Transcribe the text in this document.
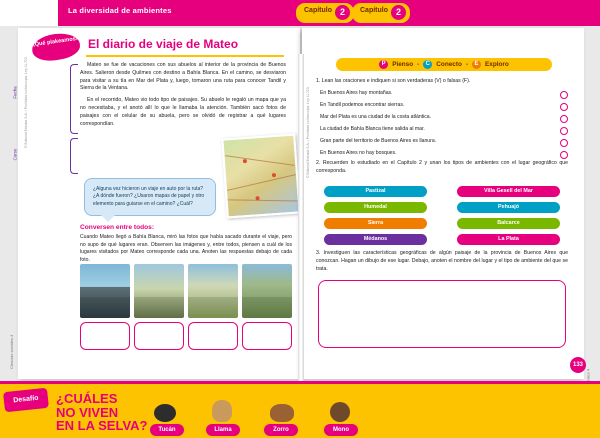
La diversidad de ambientes	Capítulo 2	Capítulo 2
¡Qué plakeamos! El diario de viaje de Mateo
Fecha
Curso

Mateo se fue de vacaciones con sus abuelos al interior de la provincia de Buenos Aires. Salieron desde Quilmes con destino a Bahía Blanca. En el camino, se desviaron para visitar a su tía en Mar del Plata y, luego, tomaron una ruta para conocer Tandil y Sierra de la Ventana.

En el recorrido, Mateo vio todo tipo de paisajes. Su abuelo le regaló un mapa que ya no necesitaba, y el anotó allí lo que le llamaba la atención. También sacó fotos de paisajes con el celular de su abuela, pero se olvidó de registrar a qué lugares correspondían.

¿Alguna vez hicieron un viaje en auto por la ruta? ¿A dónde fueron? ¿Usaron mapas de papel y otro elemento para guiarse en el camino? ¿Cuál?
Conversen entre todos:
Cuando Mateo llegó a Bahía Blanca, miró las fotos que había sacado durante el viaje, pero no supo de qué lugares eran. Observen las imágenes y, entre todos, piensen a cuál de los lugares visitados por Mateo corresponde cada una. Anoten las respuestas debajo de cada foto.
© Editorial Estrada S.A. • Prohibida su fotocopia. Ley 11.723
Ciencias sociales 4
P	Pienso -	C Conecto -	E	Exploro
1. Lean las oraciones e indiquen si son verdaderas (V) o falsas (F).
En Buenos Aires hay montañas.
En Tandil podemos encontrar sierras.
Mar del Plata es una ciudad de la costa atlántica.
La ciudad de Bahía Blanca tiene salida al mar.
Gran parte del territorio de Buenos Aires es llanura.
En Buenos Aires no hay bosques.
2. Recuerden lo estudiado en el Capítulo 2 y unan los tipos de ambientes con el lugar geográfico que corresponda.
Pastizal	Villa Gesell del Mar
Humedal	Pehuajó
Sierra	Balcarce
Médanos	La Plata
3. Investiguen las características geográficas de algún paisaje de la provincia de Buenos Aires que conozcan. Hagan un dibujo de ese lugar. Debajo, anoten el nombre del lugar y el tipo de ambiente del que se trata.
© Editorial Estrada S.A. • Prohibida su fotocopia. Ley 11.723
133
Desafío	¿CUÁLES
NO VIVEN
EN LA SELVA?	Tucán	Llama	Zorro	Mono
